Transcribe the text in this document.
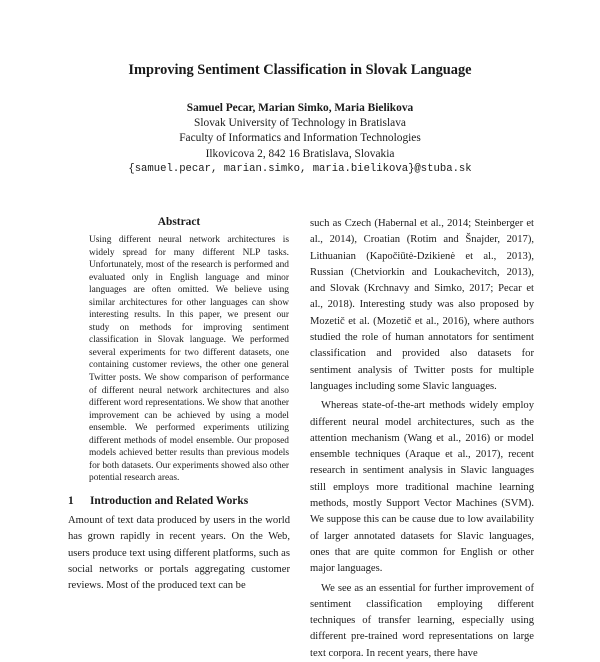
Improving Sentiment Classification in Slovak Language
Samuel Pecar, Marian Simko, Maria Bielikova
Slovak University of Technology in Bratislava
Faculty of Informatics and Information Technologies
Ilkovicova 2, 842 16 Bratislava, Slovakia
{samuel.pecar, marian.simko, maria.bielikova}@stuba.sk
Abstract

Using different neural network architectures is widely spread for many different NLP tasks. Unfortunately, most of the research is performed and evaluated only in English language and minor languages are often omitted. We believe using similar architectures for other languages can show interesting results. In this paper, we present our study on methods for improving sentiment classification in Slovak language. We performed several experiments for two different datasets, one containing customer reviews, the other one general Twitter posts. We show comparison of performance of different neural network architectures and also different word representations. We show that another improvement can be achieved by using a model ensemble. We performed experiments utilizing different methods of model ensemble. Our proposed models achieved better results than previous models for both datasets. Our experiments showed also other potential research areas.

1 Introduction and Related Works

Amount of text data produced by users in the world has grown rapidly in recent years. On the Web, users produce text using different platforms, such as social networks or portals aggregating customer reviews. Most of the produced text can be

such as Czech (Habernal et al., 2014; Steinberger et al., 2014), Croatian (Rotim and Šnajder, 2017), Lithuanian (Kapočiūtė-Dzikienė et al., 2013), Russian (Chetviorkin and Loukachevitch, 2013), and Slovak (Krchnavy and Simko, 2017; Pecar et al., 2018). Interesting study was also proposed by Mozetič et al. (Mozetič et al., 2016), where authors studied the role of human annotators for sentiment classification and provided also datasets for sentiment analysis of Twitter posts for multiple languages including some Slavic languages.

Whereas state-of-the-art methods widely employ different neural model architectures, such as the attention mechanism (Wang et al., 2016) or model ensemble techniques (Araque et al., 2017), recent research in sentiment analysis in Slavic languages still employs more traditional machine learning methods, mostly Support Vector Machines (SVM). We suppose this can be cause due to low availability of larger annotated datasets for Slavic languages, ones that are quite common for English or other major languages.

We see as an essential for further improvement of sentiment classification employing different techniques of transfer learning, especially using different pre-trained word representations on large text corpora. In recent years, there have
